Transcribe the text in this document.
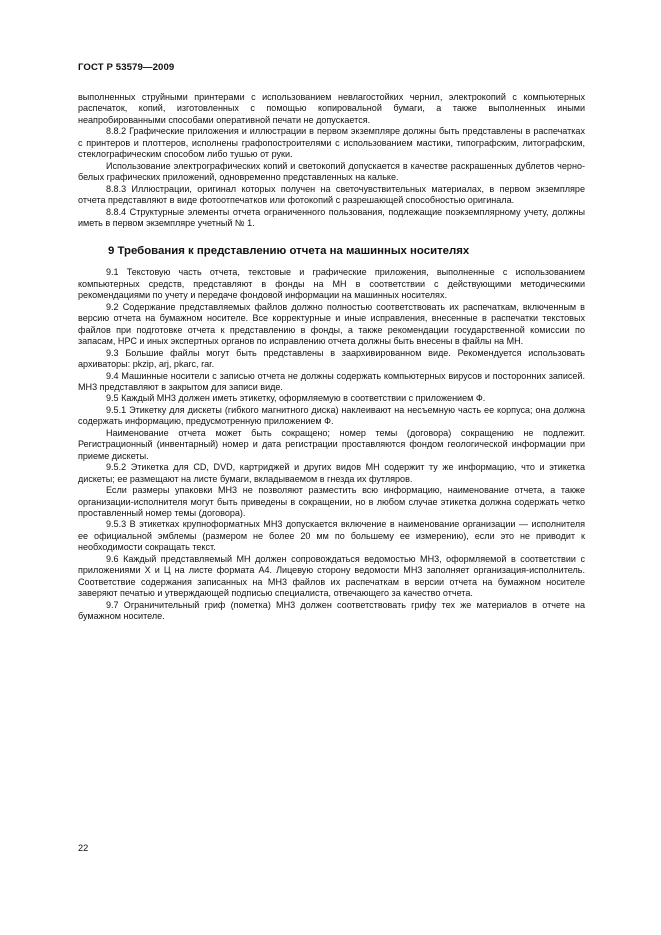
ГОСТ Р 53579—2009

выполненных струйными принтерами с использованием невлагостойких чернил, электрокопий с компьютерных распечаток, копий, изготовленных с помощью копировальной бумаги, а также выполненных иными неапробированными способами оперативной печати не допускается.

8.8.2 Графические приложения и иллюстрации в первом экземпляре должны быть представлены в распечатках с принтеров и плоттеров, исполнены графопостроителями с использованием мастики, типографским, литографским, стеклографическим способом либо тушью от руки.

Использование электрографических копий и светокопий допускается в качестве раскрашенных дублетов черно-белых графических приложений, одновременно представленных на кальке.

8.8.3 Иллюстрации, оригинал которых получен на светочувствительных материалах, в первом экземпляре отчета представляют в виде фотоотпечатков или фотокопий с разрешающей способностью оригинала.

8.8.4 Структурные элементы отчета ограниченного пользования, подлежащие поэкземплярному учету, должны иметь в первом экземпляре учетный № 1.

9 Требования к представлению отчета на машинных носителях

9.1 Текстовую часть отчета, текстовые и графические приложения, выполненные с использованием компьютерных средств, представляют в фонды на МН в соответствии с действующими методическими рекомендациями по учету и передаче фондовой информации на машинных носителях.

9.2 Содержание представляемых файлов должно полностью соответствовать их распечаткам, включенным в версию отчета на бумажном носителе. Все корректурные и иные исправления, внесенные в распечатки текстовых файлов при подготовке отчета к представлению в фонды, а также рекомендации государственной комиссии по запасам, НРС и иных экспертных органов по исправлению отчета должны быть внесены в файлы на МН.

9.3 Большие файлы могут быть представлены в заархивированном виде. Рекомендуется использовать архиваторы: pkzip, arj, pkarc, rar.

9.4 Машинные носители с записью отчета не должны содержать компьютерных вирусов и посторонних записей. МН3 представляют в закрытом для записи виде.

9.5 Каждый МН3 должен иметь этикетку, оформляемую в соответствии с приложением Ф.

9.5.1 Этикетку для дискеты (гибкого магнитного диска) наклеивают на несъемную часть ее корпуса; она должна содержать информацию, предусмотренную приложением Ф.

Наименование отчета может быть сокращено; номер темы (договора) сокращению не подлежит. Регистрационный (инвентарный) номер и дата регистрации проставляются фондом геологической информации при приеме дискеты.

9.5.2 Этикетка для CD, DVD, картриджей и других видов МН содержит ту же информацию, что и этикетка дискеты; ее размещают на листе бумаги, вкладываемом в гнезда их футляров.

Если размеры упаковки МН3 не позволяют разместить всю информацию, наименование отчета, а также организации-исполнителя могут быть приведены в сокращении, но в любом случае этикетка должна содержать четко проставленный номер темы (договора).

9.5.3 В этикетках крупноформатных МН3 допускается включение в наименование организации — исполнителя ее официальной эмблемы (размером не более 20 мм по большему ее измерению), если это не приводит к необходимости сокращать текст.

9.6 Каждый представляемый МН должен сопровождаться ведомостью МН3, оформляемой в соответствии с приложениями Х и Ц на листе формата А4. Лицевую сторону ведомости МН3 заполняет организация-исполнитель. Соответствие содержания записанных на МН3 файлов их распечаткам в версии отчета на бумажном носителе заверяют печатью и утверждающей подписью специалиста, отвечающего за качество отчета.

9.7 Ограничительный гриф (пометка) МН3 должен соответствовать грифу тех же материалов в отчете на бумажном носителе.

22
